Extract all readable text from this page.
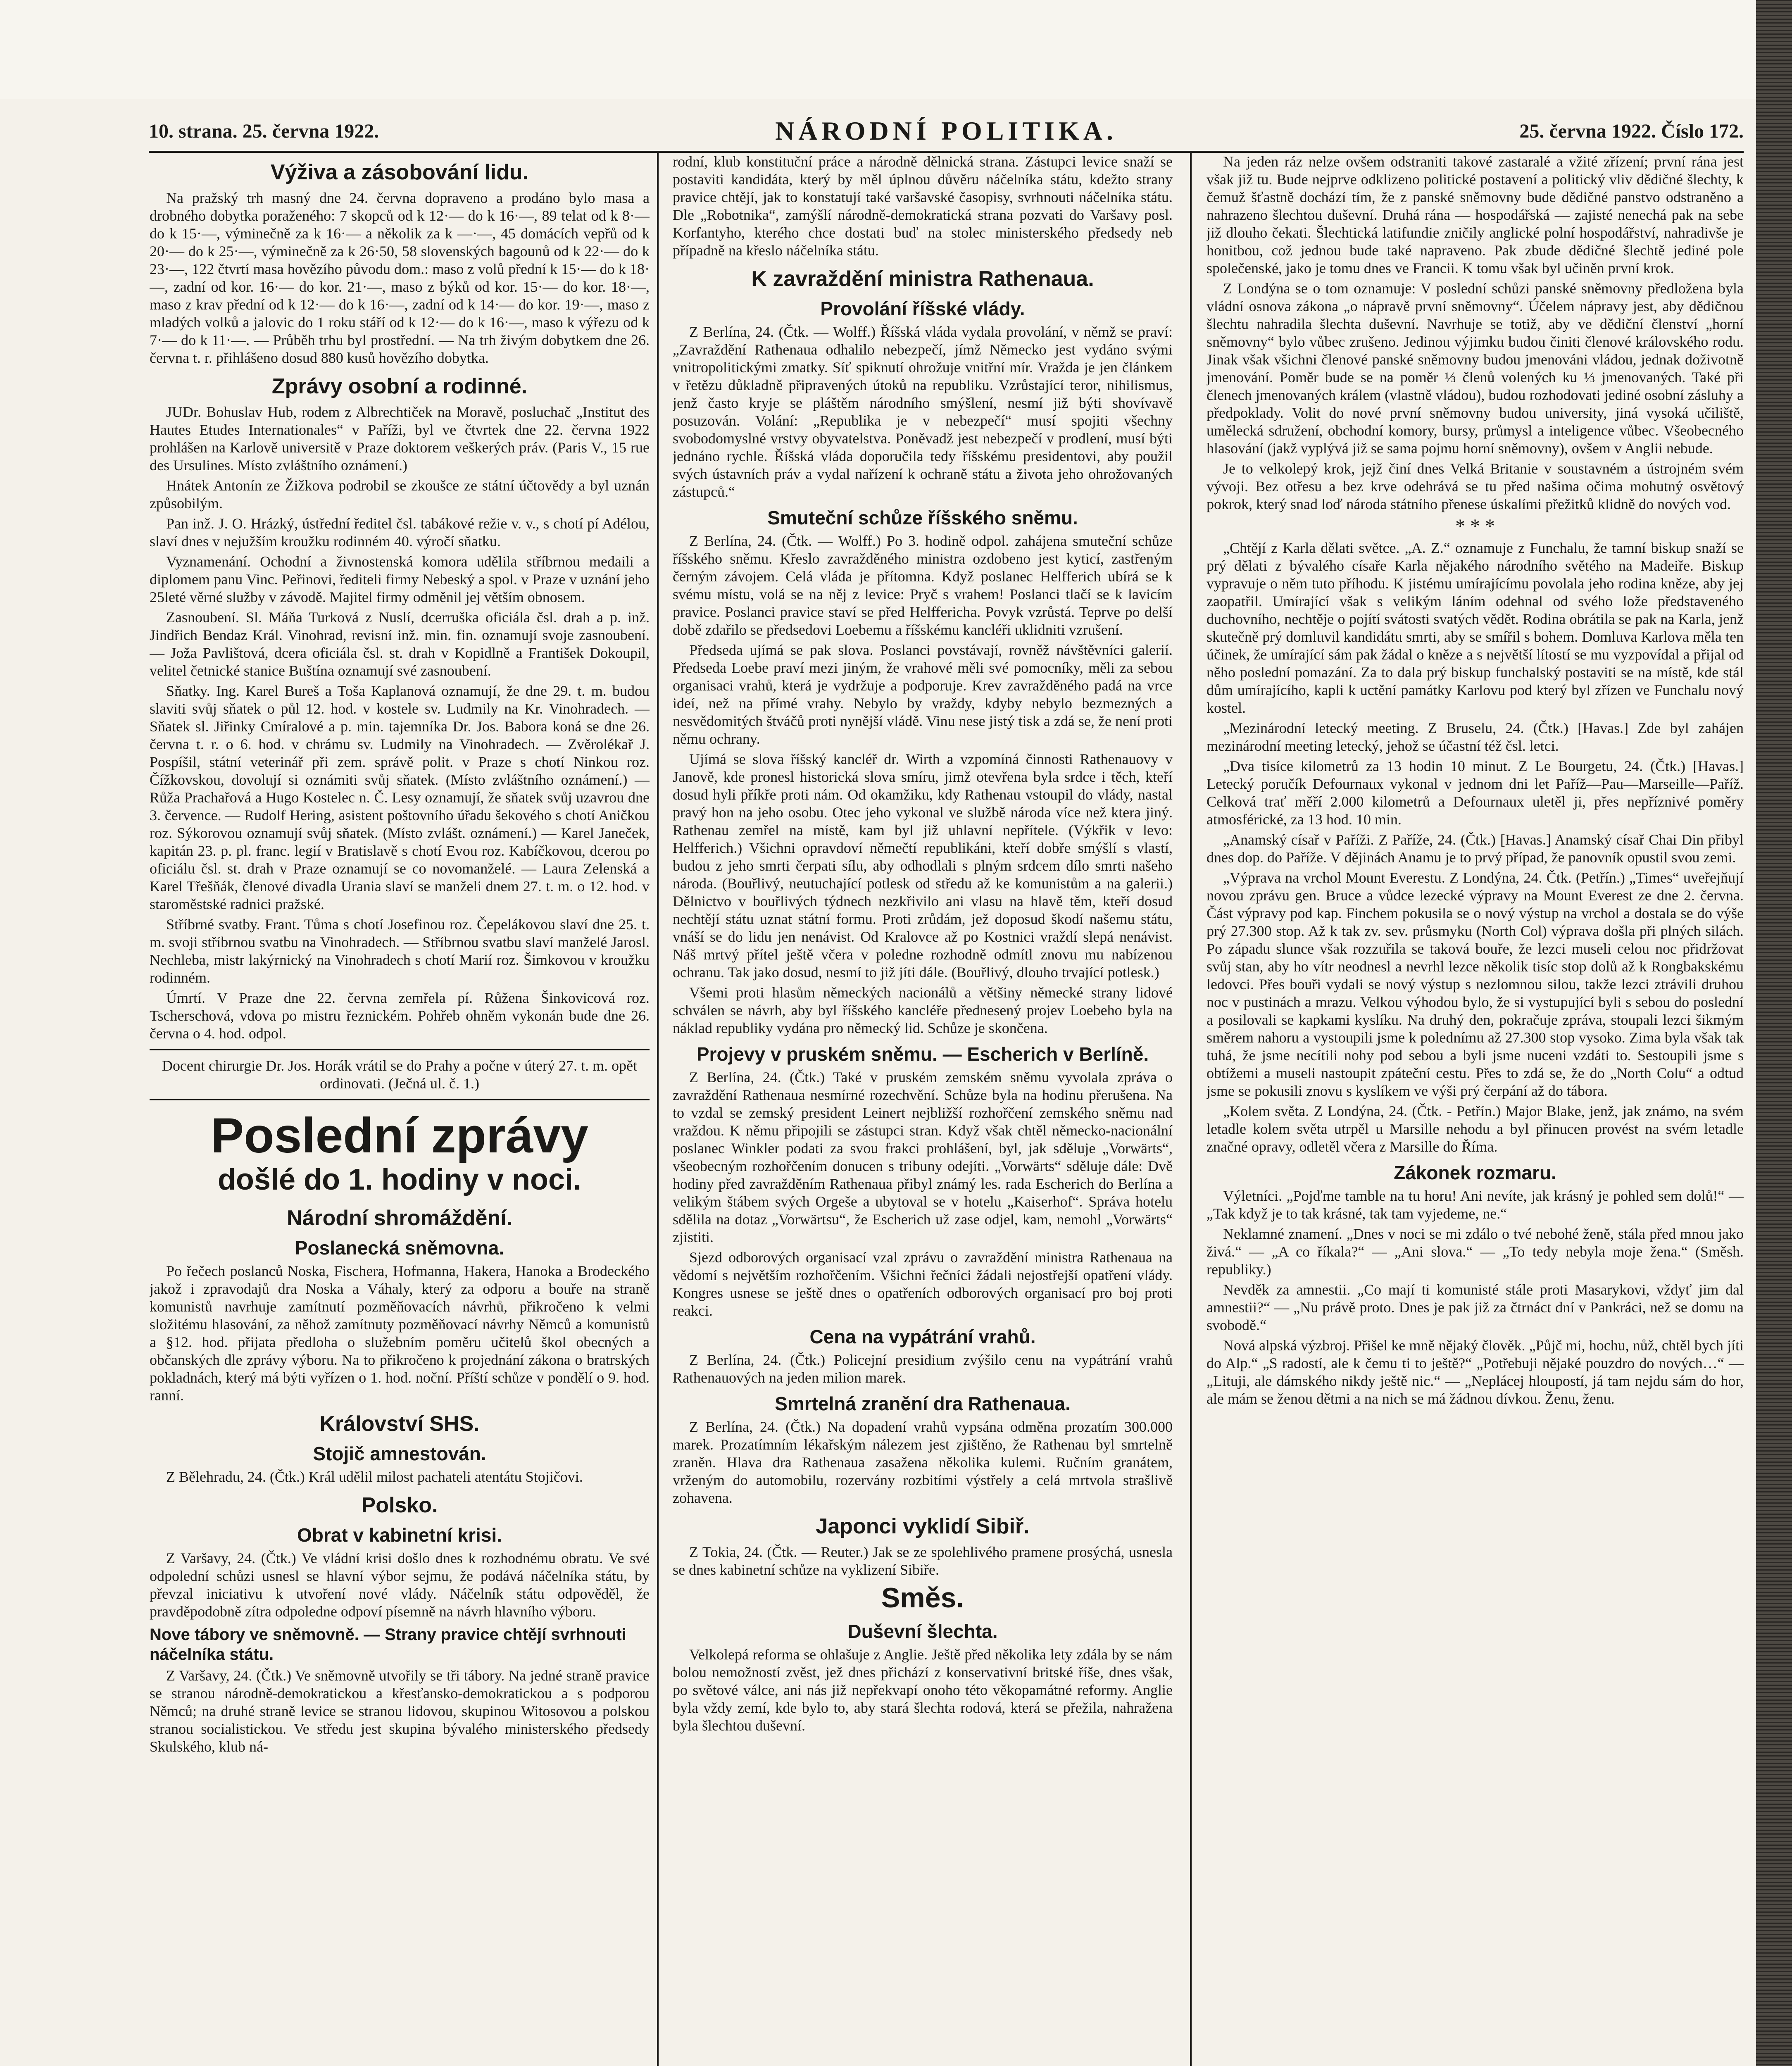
10. strana. 25. června 1922.	NÁRODNÍ POLITIKA.	25. června 1922. Číslo 172.
Výživa a zásobování lidu.

Na pražský trh masný dne 24. června dopraveno a prodáno bylo masa a drobného dobytka poraženého: 7 skopců od k 12·— do k 16·—, 89 telat od k 8·— do k 15·—, výminečně za k 16·— a několik za k —·—, 45 domácích vepřů od k 20·— do k 25·—, výminečně za k 26·50, 58 slovenských bagounů od k 22·— do k 23·—, 122 čtvrtí masa hovězího původu dom.: maso z volů přední k 15·— do k 18·—, zadní od kor. 16·— do kor. 21·—, maso z býků od kor. 15·— do kor. 18·—, maso z krav přední od k 12·— do k 16·—, zadní od k 14·— do kor. 19·—, maso z mladých volků a jalovic do 1 roku stáří od k 12·— do k 16·—, maso k výřezu od k 7·— do k 11·—. — Průběh trhu byl prostřední. — Na trh živým dobytkem dne 26. června t. r. přihlášeno dosud 880 kusů hovězího dobytka.

Zprávy osobní a rodinné.

JUDr. Bohuslav Hub, rodem z Albrechtiček na Moravě, posluchač „Institut des Hautes Etudes Internationales“ v Paříži, byl ve čtvrtek dne 22. června 1922 prohlášen na Karlově universitě v Praze doktorem veškerých práv. (Paris V., 15 rue des Ursulines. Místo zvláštního oznámení.)

Hnátek Antonín ze Žižkova podrobil se zkoušce ze státní účtovědy a byl uznán způsobilým.

Pan inž. J. O. Hrázký, ústřední ředitel čsl. tabákové režie v. v., s chotí pí Adélou, slaví dnes v nejužším kroužku rodinném 40. výročí sňatku.

Vyznamenání. Ochodní a živnostenská komora udělila stříbrnou medaili a diplomem panu Vinc. Peřinovi, řediteli firmy Nebeský a spol. v Praze v uznání jeho 25leté věrné služby v závodě. Majitel firmy odměnil jej větším obnosem.

Zasnoubení. Sl. Máňa Turková z Nuslí, dcerruška oficiála čsl. drah a p. inž. Jindřich Bendaz Král. Vinohrad, revisní inž. min. fin. oznamují svoje zasnoubení. — Joža Pavlištová, dcera oficiála čsl. st. drah v Kopidlně a František Dokoupil, velitel četnické stanice Buštína oznamují své zasnoubení.

Sňatky. Ing. Karel Bureš a Toša Kaplanová oznamují, že dne 29. t. m. budou slaviti svůj sňatek o půl 12. hod. v kostele sv. Ludmily na Kr. Vinohradech. — Sňatek sl. Jiřinky Cmíralové a p. min. tajemníka Dr. Jos. Babora koná se dne 26. června t. r. o 6. hod. v chrámu sv. Ludmily na Vinohradech. — Zvěrolékař J. Pospíšil, státní veterinář při zem. správě polit. v Praze s chotí Ninkou roz. Čížkovskou, dovolují si oznámiti svůj sňatek. (Místo zvláštního oznámení.) — Růža Prachařová a Hugo Kostelec n. Č. Lesy oznamují, že sňatek svůj uzavrou dne 3. července. — Rudolf Hering, asistent poštovního úřadu šekového s chotí Aničkou roz. Sýkorovou oznamují svůj sňatek. (Místo zvlášt. oznámení.) — Karel Janeček, kapitán 23. p. pl. franc. legií v Bratislavě s chotí Evou roz. Kabíčkovou, dcerou po oficiálu čsl. st. drah v Praze oznamují se co novomanželé. — Laura Zelenská a Karel Třešňák, členové divadla Urania slaví se manželi dnem 27. t. m. o 12. hod. v staroměstské radnici pražské.

Stříbrné svatby. Frant. Tůma s chotí Josefinou roz. Čepelákovou slaví dne 25. t. m. svoji stříbrnou svatbu na Vinohradech. — Stříbrnou svatbu slaví manželé Jarosl. Nechleba, mistr lakýrnický na Vinohradech s chotí Marií roz. Šimkovou v kroužku rodinném.

Úmrtí. V Praze dne 22. června zemřela pí. Růžena Šinkovicová roz. Tscherschová, vdova po mistru řeznickém. Pohřeb ohněm vykonán bude dne 26. června o 4. hod. odpol.

Docent chirurgie Dr. Jos. Horák vrátil se do Prahy a počne v úterý 27. t. m. opět ordinovati. (Ječná ul. č. 1.)

Poslední zprávy
došlé do 1. hodiny v noci.
Národní shromáždění.
Poslanecká sněmovna.

Po řečech poslanců Noska, Fischera, Hofmanna, Hakera, Hanoka a Brodeckého jakož i zpravodajů dra Noska a Váhaly, který za odporu a bouře na straně komunistů navrhuje zamítnutí pozměňovacích návrhů, přikročeno k velmi složitému hlasování, za něhož zamítnuty pozměňovací návrhy Němců a komunistů a §12. hod. přijata předloha o služebním poměru učitelů škol obecných a občanských dle zprávy výboru. Na to přikročeno k projednání zákona o bratrských pokladnách, který má býti vyřízen o 1. hod. noční. Příští schůze v pondělí o 9. hod. ranní.

Království SHS.
Stojič amnestován.

Z Bělehradu, 24. (Čtk.) Král udělil milost pachateli atentátu Stojičovi.

Polsko.
Obrat v kabinetní krisi.

Z Varšavy, 24. (Čtk.) Ve vládní krisi došlo dnes k rozhodnému obratu. Ve své odpolední schůzi usnesl se hlavní výbor sejmu, že podává náčelníka státu, by převzal iniciativu k utvoření nové vlády. Náčelník státu odpověděl, že pravděpodobně zítra odpoledne odpoví písemně na návrh hlavního výboru.

Nove tábory ve sněmovně. — Strany pravice chtějí svrhnouti náčelníka státu.

Z Varšavy, 24. (Čtk.) Ve sněmovně utvořily se tři tábory. Na jedné straně pravice se stranou národně-demokratickou a křesťansko-demokratickou a s podporou Němců; na druhé straně levice se stranou lidovou, skupinou Witosovou a polskou stranou socialistickou. Ve středu jest skupina bývalého ministerského předsedy Skulského, klub ná-

rodní, klub konstituční práce a národně dělnická strana. Zástupci levice snaží se postaviti kandidáta, který by měl úplnou důvěru náčelníka státu, kdežto strany pravice chtějí, jak to konstatují také varšavské časopisy, svrhnouti náčelníka státu. Dle „Robotnika“, zamýšlí národně-demokratická strana pozvati do Varšavy posl. Korfantyho, kterého chce dostati buď na stolec ministerského předsedy neb případně na křeslo náčelníka státu.

K zavraždění ministra Rathenaua.
Provolání říšské vlády.

Z Berlína, 24. (Čtk. — Wolff.) Říšská vláda vydala provolání, v němž se praví: „Zavraždění Rathenaua odhalilo nebezpečí, jímž Německo jest vydáno svými vnitropolitickými zmatky. Síť spiknutí ohrožuje vnitřní mír. Vražda je jen článkem v řetězu důkladně připravených útoků na republiku. Vzrůstající teror, nihilismus, jenž často kryje se pláštěm národního smýšlení, nesmí již býti shovívavě posuzován. Volání: „Republika je v nebezpečí“ musí spojiti všechny svobodomyslné vrstvy obyvatelstva. Poněvadž jest nebezpečí v prodlení, musí býti jednáno rychle. Říšská vláda doporučila tedy říšskému presidentovi, aby použil svých ústavních práv a vydal nařízení k ochraně státu a života jeho ohrožovaných zástupců.“

Smuteční schůze říšského sněmu.

Z Berlína, 24. (Čtk. — Wolff.) Po 3. hodině odpol. zahájena smuteční schůze říšského sněmu. Křeslo zavražděného ministra ozdobeno jest kyticí, zastřeným černým závojem. Celá vláda je přítomna. Když poslanec Helfferich ubírá se k svému místu, volá se na něj z levice: Pryč s vrahem! Poslanci tlačí se k lavicím pravice. Poslanci pravice staví se před Helffericha. Povyk vzrůstá. Teprve po delší době zdařilo se předsedovi Loebemu a říšskému kancléři uklidniti vzrušení.

Předseda ujímá se pak slova. Poslanci povstávají, rovněž návštěvníci galerií. Předseda Loebe praví mezi jiným, že vrahové měli své pomocníky, měli za sebou organisaci vrahů, která je vydržuje a podporuje. Krev zavražděného padá na vrce ideí, než na přímé vrahy. Nebylo by vraždy, kdyby nebylo bezmezných a nesvědomitých štváčů proti nynější vládě. Vinu nese jistý tisk a zdá se, že není proti němu ochrany.

Ujímá se slova říšský kancléř dr. Wirth a vzpomíná činnosti Rathenauovy v Janově, kde pronesl historická slova smíru, jimž otevřena byla srdce i těch, kteří dosud hyli příkře proti nám. Od okamžiku, kdy Rathenau vstoupil do vlády, nastal pravý hon na jeho osobu. Otec jeho vykonal ve službě národa více než ktera jiný. Rathenau zemřel na místě, kam byl již uhlavní nepřítele. (Výkřik v levo: Helfferich.) Všichni opravdoví němečtí republikáni, kteří dobře smýšlí s vlastí, budou z jeho smrti čerpati sílu, aby odhodlali s plným srdcem dílo smrti našeho národa. (Bouřlivý, neutuchající potlesk od středu až ke komunistům a na galerii.) Dělnictvo v bouřlivých týdnech nezkřivilo ani vlasu na hlavě těm, kteří dosud nechtějí státu uznat státní formu. Proti zrůdám, jež doposud škodí našemu státu, vnáší se do lidu jen nenávist. Od Kralovce až po Kostnici vraždí slepá nenávist. Náš mrtvý přítel ještě včera v poledne rozhodně odmítl znovu mu nabízenou ochranu. Tak jako dosud, nesmí to již jíti dále. (Bouřlivý, dlouho trvající potlesk.)

Všemi proti hlasům německých nacionálů a většiny německé strany lidové schválen se návrh, aby byl říšského kancléře přednesený projev Loebeho byla na náklad republiky vydána pro německý lid. Schůze je skončena.

Projevy v pruském sněmu. — Escherich v Berlíně.

Z Berlína, 24. (Čtk.) Také v pruském zemském sněmu vyvolala zpráva o zavraždění Rathenaua nesmírné rozechvění. Schůze byla na hodinu přerušena. Na to vzdal se zemský president Leinert nejbližší rozhořčení zemského sněmu nad vraždou. K němu připojili se zástupci stran. Když však chtěl německo-nacionální poslanec Winkler podati za svou frakci prohlášení, byl, jak sděluje „Vorwärts“, všeobecným rozhořčením donucen s tribuny odejíti. „Vorwärts“ sděluje dále: Dvě hodiny před zavražděním Rathenaua přibyl známý les. rada Escherich do Berlína a velikým štábem svých Orgeše a ubytoval se v hotelu „Kaiserhof“. Správa hotelu sdělila na dotaz „Vorwärtsu“, že Escherich už zase odjel, kam, nemohl „Vorwärts“ zjistiti.

Sjezd odborových organisací vzal zprávu o zavraždění ministra Rathenaua na vědomí s největším rozhořčením. Všichni řečníci žádali nejostřejší opatření vlády. Kongres usnese se ještě dnes o opatřeních odborových organisací pro boj proti reakci.

Cena na vypátrání vrahů.

Z Berlína, 24. (Čtk.) Policejní presidium zvýšilo cenu na vypátrání vrahů Rathenauových na jeden milion marek.

Smrtelná zranění dra Rathenaua.

Z Berlína, 24. (Čtk.) Na dopadení vrahů vypsána odměna prozatím 300.000 marek. Prozatímním lékařským nálezem jest zjištěno, že Rathenau byl smrtelně zraněn. Hlava dra Rathenaua zasažena několika kulemi. Ručním granátem, vrženým do automobilu, rozervány rozbitími výstřely a celá mrtvola strašlivě zohavena.

Japonci vyklidí Sibiř.

Z Tokia, 24. (Čtk. — Reuter.) Jak se ze spolehlivého pramene prosýchá, usnesla se dnes kabinetní schůze na vyklizení Sibiře.

Směs.
Duševní šlechta.

Velkolepá reforma se ohlašuje z Anglie. Ještě před několika lety zdála by se nám bolou nemožností zvěst, jež dnes přichází z konservativní britské říše, dnes však, po světové válce, ani nás již nepřekvapí onoho této věkopamátné reformy. Anglie byla vždy zemí, kde bylo to, aby stará šlechta rodová, která se přežila, nahražena byla šlechtou duševní.

Na jeden ráz nelze ovšem odstraniti takové zastaralé a vžité zřízení; první rána jest však již tu. Bude nejprve odklizeno politické postavení a politický vliv dědičné šlechty, k čemuž šťastně dochází tím, že z panské sněmovny bude dědičné panstvo odstraněno a nahrazeno šlechtou duševní. Druhá rána — hospodářská — zajisté nenechá pak na sebe již dlouho čekati. Šlechtická latifundie zničily anglické polní hospodářství, nahradivše je honitbou, což jednou bude také napraveno. Pak zbude dědičné šlechtě jediné pole společenské, jako je tomu dnes ve Francii. K tomu však byl učiněn první krok.

Z Londýna se o tom oznamuje: V poslední schůzi panské sněmovny předložena byla vládní osnova zákona „o nápravě první sněmovny“. Účelem nápravy jest, aby dědičnou šlechtu nahradila šlechta duševní. Navrhuje se totiž, aby ve dědiční členství „horní sněmovny“ bylo vůbec zrušeno. Jedinou výjimku budou činiti členové královského rodu. Jinak však všichni členové panské sněmovny budou jmenováni vládou, jednak doživotně jmenování. Poměr bude se na poměr ⅓ členů volených ku ⅓ jmenovaných. Také při členech jmenovaných králem (vlastně vládou), budou rozhodovati jediné osobní zásluhy a předpoklady. Volit do nové první sněmovny budou university, jiná vysoká učiliště, umělecká sdružení, obchodní komory, bursy, průmysl a inteligence vůbec. Všeobecného hlasování (jakž vyplývá již se sama pojmu horní sněmovny), ovšem v Anglii nebude.

Je to velkolepý krok, jejž činí dnes Velká Britanie v soustavném a ústrojném svém vývoji. Bez otřesu a bez krve odehrává se tu před našima očima mohutný osvětový pokrok, který snad loď národa státního přenese úskalími přežitků klidně do nových vod.

* * *

„Chtějí z Karla dělati světce. „A. Z.“ oznamuje z Funchalu, že tamní biskup snaží se prý dělati z bývalého císaře Karla nějakého národního světého na Madeiře. Biskup vypravuje o něm tuto příhodu. K jistému umírajícímu povolala jeho rodina kněze, aby jej zaopatřil. Umírající však s velikým láním odehnal od svého lože představeného duchovního, nechtěje o pojítí svátosti svatých vědět. Rodina obrátila se pak na Karla, jenž skutečně prý domluvil kandidátu smrti, aby se smířil s bohem. Domluva Karlova měla ten účinek, že umírající sám pak žádal o kněze a s největší lítostí se mu vyzpovídal a přijal od něho poslední pomazání. Za to dala prý biskup funchalský postaviti se na místě, kde stál dům umírajícího, kapli k uctění památky Karlovu pod který byl zřízen ve Funchalu nový kostel.

„Mezinárodní letecký meeting. Z Bruselu, 24. (Čtk.) [Havas.] Zde byl zahájen mezinárodní meeting letecký, jehož se účastní též čsl. letci.

„Dva tisíce kilometrů za 13 hodin 10 minut. Z Le Bourgetu, 24. (Čtk.) [Havas.] Letecký poručík Defournaux vykonal v jednom dni let Paříž—Pau—Marseille—Paříž. Celková trať měří 2.000 kilometrů a Defournaux uletěl ji, přes nepříznivé poměry atmosférické, za 13 hod. 10 min.

„Anamský císař v Paříži. Z Paříže, 24. (Čtk.) [Havas.] Anamský císař Chai Din přibyl dnes dop. do Paříže. V dějinách Anamu je to prvý případ, že panovník opustil svou zemi.

„Výprava na vrchol Mount Everestu. Z Londýna, 24. Čtk. (Petřín.) „Times“ uveřejňují novou zprávu gen. Bruce a vůdce lezecké výpravy na Mount Everest ze dne 2. června. Část výpravy pod kap. Finchem pokusila se o nový výstup na vrchol a dostala se do výše prý 27.300 stop. Až k tak zv. sev. průsmyku (North Col) výprava došla při plných silách. Po západu slunce však rozzuřila se taková bouře, že lezci museli celou noc přidržovat svůj stan, aby ho vítr neodnesl a nevrhl lezce několik tisíc stop dolů až k Rongbakskému ledovci. Přes bouři vydali se nový výstup s nezlomnou silou, takže lezci ztrávili druhou noc v pustinách a mrazu. Velkou výhodou bylo, že si vystupující byli s sebou do poslední a posilovali se kapkami kyslíku. Na druhý den, pokračuje zpráva, stoupali lezci šikmým směrem nahoru a vystoupili jsme k polednímu až 27.300 stop vysoko. Zima byla však tak tuhá, že jsme necítili nohy pod sebou a byli jsme nuceni vzdáti to. Sestoupili jsme s obtížemi a museli nastoupit zpáteční cestu. Přes to zdá se, že do „North Colu“ a odtud jsme se pokusili znovu s kyslíkem ve výši prý čerpání až do tábora.

„Kolem světa. Z Londýna, 24. (Čtk. - Petřín.) Major Blake, jenž, jak známo, na svém letadle kolem světa utrpěl u Marsille nehodu a byl přinucen provést na svém letadle značné opravy, odletěl včera z Marsille do Říma.

Zákonek rozmaru.

Výletníci. „Pojďme tamble na tu horu! Ani nevíte, jak krásný je pohled sem dolů!“ — „Tak když je to tak krásné, tak tam vyjedeme, ne.“

Neklamné znamení. „Dnes v noci se mi zdálo o tvé nebohé ženě, stála před mnou jako živá.“ — „A co říkala?“ — „Ani slova.“ — „To tedy nebyla moje žena.“ (Směsh. republiky.)

Nevděk za amnestii. „Co mají ti komunisté stále proti Masarykovi, vždyť jim dal amnestii?“ — „Nu právě proto. Dnes je pak již za čtrnáct dní v Pankráci, než se domu na svobodě.“

Nová alpská výzbroj. Přišel ke mně nějaký člověk. „Půjč mi, hochu, nůž, chtěl bych jíti do Alp.“ „S radostí, ale k čemu ti to ještě?“ „Potřebuji nějaké pouzdro do nových…“ — „Lituji, ale dámského nikdy ještě nic.“ — „Neplácej hloupostí, já tam nejdu sám do hor, ale mám se ženou dětmi a na nich se má žádnou dívkou. Ženu, ženu.
